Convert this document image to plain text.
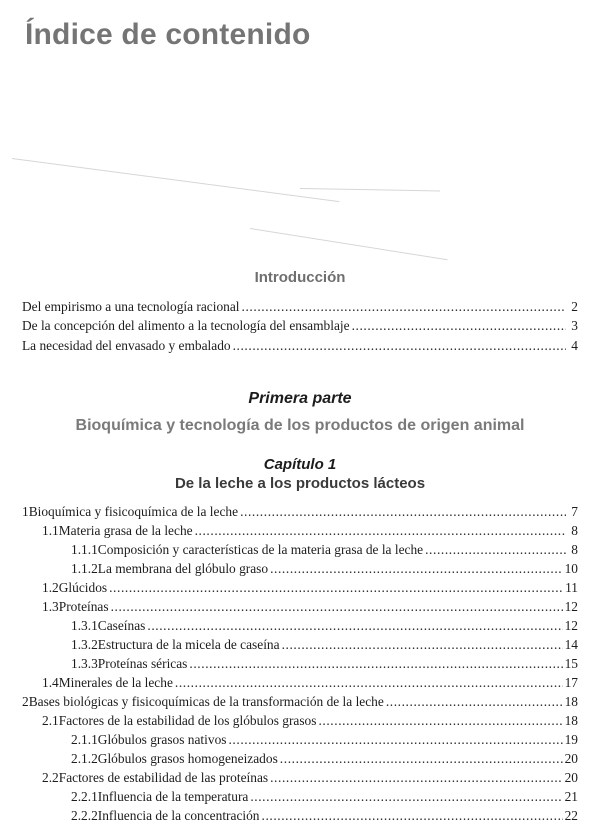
Índice de contenido
Introducción
Del empirismo a una tecnología racional .....	2
De la concepción del alimento a la tecnología del ensamblaje .....	3
La necesidad del envasado y embalado .....	4
Primera parte
Bioquímica y tecnología de los productos de origen animal
Capítulo 1
De la leche a los productos lácteos
1 Bioquímica y fisicoquímica de la leche .....	7
1.1 Materia grasa de la leche .....	8
1.1.1 Composición y características de la materia grasa de la leche .....	8
1.1.2 La membrana del glóbulo graso .....	10
1.2 Glúcidos .....	11
1.3 Proteínas .....	12
1.3.1 Caseínas .....	12
1.3.2 Estructura de la micela de caseína .....	14
1.3.3 Proteínas séricas .....	15
1.4 Minerales de la leche .....	17
2 Bases biológicas y fisicoquímicas de la transformación de la leche .....	18
2.1 Factores de la estabilidad de los glóbulos grasos .....	18
2.1.1 Glóbulos grasos nativos .....	19
2.1.2 Glóbulos grasos homogeneizados .....	20
2.2 Factores de estabilidad de las proteínas .....	20
2.2.1 Influencia de la temperatura .....	21
2.2.2 Influencia de la concentración .....	22
